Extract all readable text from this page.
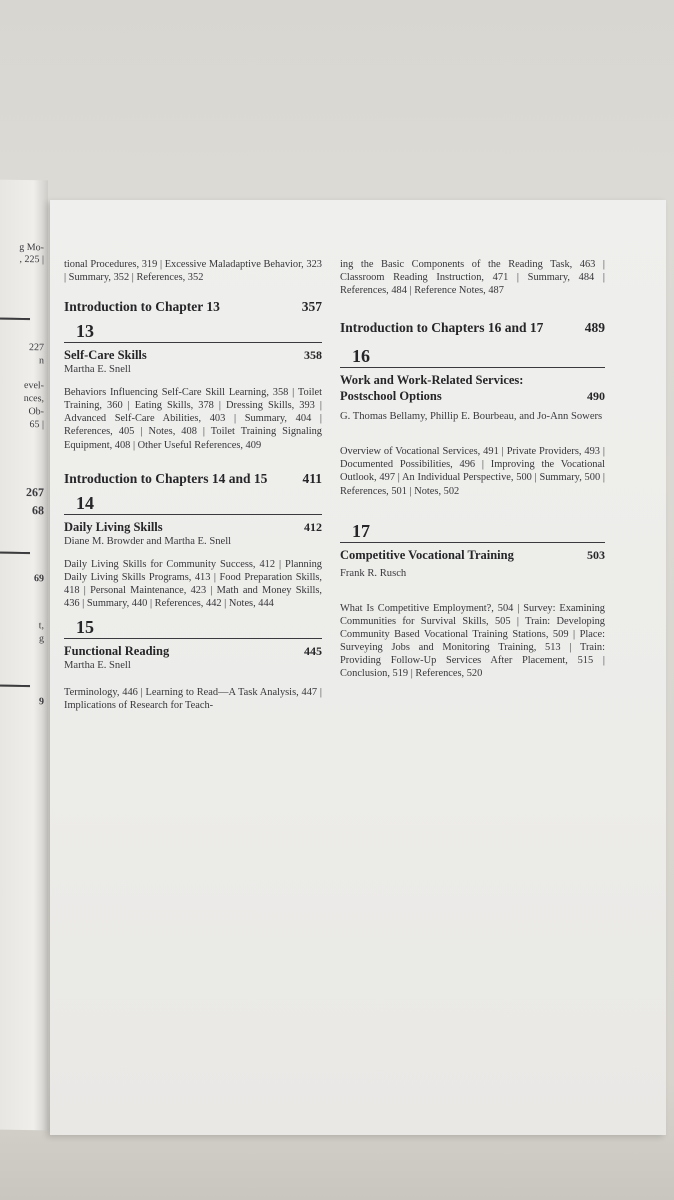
g Mo-
, 225 |
227
n
evel-
nces,
Ob-
65 |
267
68
69
t,
g
9
tional Procedures, 319 | Excessive Maladaptive Behavior, 323 | Summary, 352 | References, 352
Introduction to Chapter 13	357
13
Self-Care Skills	358
Martha E. Snell
Behaviors Influencing Self-Care Skill Learning, 358 | Toilet Training, 360 | Eating Skills, 378 | Dressing Skills, 393 | Advanced Self-Care Abilities, 403 | Summary, 404 | References, 405 | Notes, 408 | Toilet Training Signaling Equipment, 408 | Other Useful References, 409
Introduction to Chapters 14 and 15	411
14
Daily Living Skills	412
Diane M. Browder and Martha E. Snell
Daily Living Skills for Community Success, 412 | Planning Daily Living Skills Programs, 413 | Food Preparation Skills, 418 | Personal Maintenance, 423 | Math and Money Skills, 436 | Summary, 440 | References, 442 | Notes, 444
15
Functional Reading	445
Martha E. Snell
Terminology, 446 | Learning to Read—A Task Analysis, 447 | Implications of Research for Teach-
ing the Basic Components of the Reading Task, 463 | Classroom Reading Instruction, 471 | Summary, 484 | References, 484 | Reference Notes, 487
Introduction to Chapters 16 and 17	489
16
Work and Work-Related Services: Postschool Options	490
G. Thomas Bellamy, Phillip E. Bourbeau, and Jo-Ann Sowers
Overview of Vocational Services, 491 | Private Providers, 493 | Documented Possibilities, 496 | Improving the Vocational Outlook, 497 | An Individual Perspective, 500 | Summary, 500 | References, 501 | Notes, 502
17
Competitive Vocational Training	503
Frank R. Rusch
What Is Competitive Employment?, 504 | Survey: Examining Communities for Survival Skills, 505 | Train: Developing Community Based Vocational Training Stations, 509 | Place: Surveying Jobs and Monitoring Training, 513 | Train: Providing Follow-Up Services After Placement, 515 | Conclusion, 519 | References, 520
